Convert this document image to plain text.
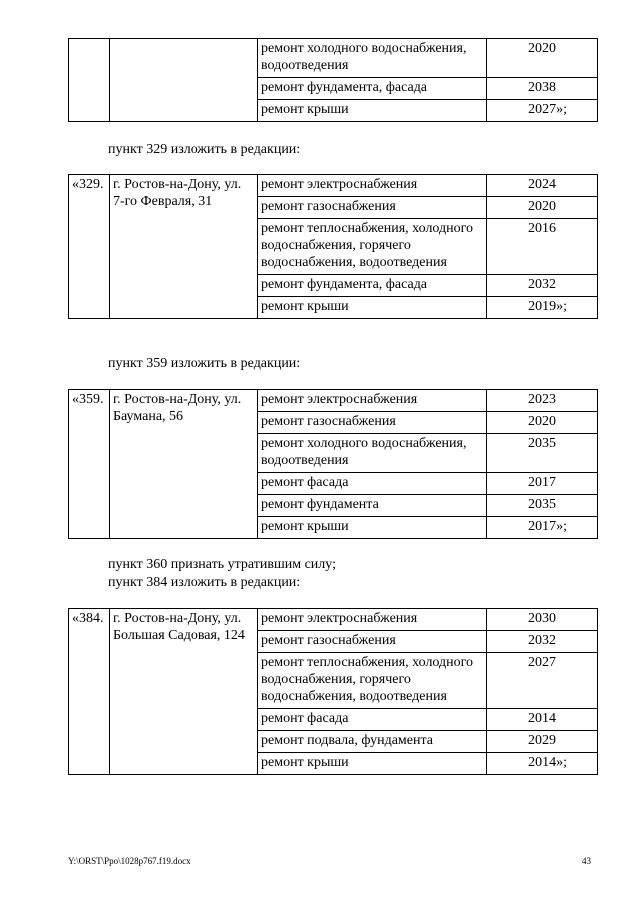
		ремонт холодного водоснабжения, водоотведения	2020
		ремонт фундамента, фасада	2038
		ремонт крыши	2027»;
пункт 329 изложить в редакции:
«329.	г. Ростов-на-Дону, ул. 7-го Февраля, 31	ремонт электроснабжения	2024
		ремонт газоснабжения	2020
		ремонт теплоснабжения, холодного водоснабжения, горячего водоснабжения, водоотведения	2016
		ремонт фундамента, фасада	2032
		ремонт крыши	2019»;
пункт 359 изложить в редакции:
«359.	г. Ростов-на-Дону, ул. Баумана, 56	ремонт электроснабжения	2023
		ремонт газоснабжения	2020
		ремонт холодного водоснабжения, водоотведения	2035
		ремонт фасада	2017
		ремонт фундамента	2035
		ремонт крыши	2017»;
пункт 360 признать утратившим силу;
пункт 384 изложить в редакции:
«384.	г. Ростов-на-Дону, ул. Большая Садовая, 124	ремонт электроснабжения	2030
		ремонт газоснабжения	2032
		ремонт теплоснабжения, холодного водоснабжения, горячего водоснабжения, водоотведения	2027
		ремонт фасада	2014
		ремонт подвала, фундамента	2029
		ремонт крыши	2014»;
Y:\ORST\Ppo\1028p767.f19.docx	43
